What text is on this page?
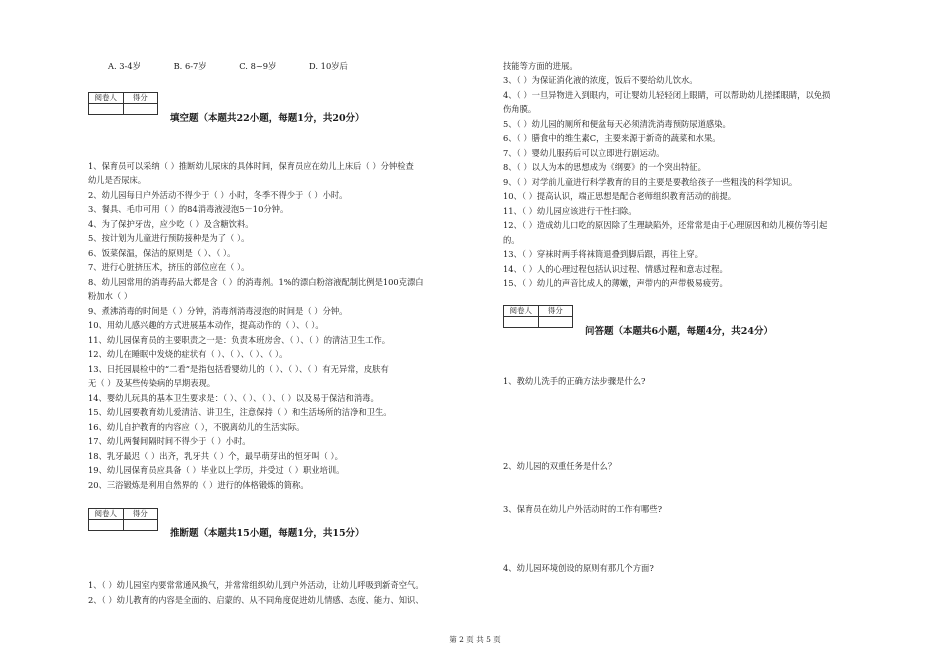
A. 3-4岁	B. 6-7岁	C. 8~9岁	D. 10岁后
阅卷人	得分

填空题（本题共22小题，每题1分，共20分）
1、保育员可以采纳（ ）推断幼儿尿床的具体时间，保育员应在幼儿上床后（ ）分钟检查
幼儿是否尿床。
2、幼儿园每日户外活动不得少于（ ）小时，冬季不得少于（ ）小时。
3、餐具、毛巾可用（ ）的84消毒液浸泡5－10分钟。
4、为了保护牙齿，应少吃（ ）及含糖饮料。
5、按计划为儿童进行预防接种是为了（ ）。
6、饭菜保温，保洁的原则是（ ）、（ ）。
7、进行心脏挤压术，挤压的部位应在（ ）。
8、幼儿园常用的消毒药品大都是含（ ）的消毒剂。1%的漂白粉溶液配制比例是100克漂白
粉加水（ ）
9、煮沸消毒的时间是（ ）分钟，消毒剂消毒浸泡的时间是（ ）分钟。
10、用幼儿感兴趣的方式进展基本动作，提高动作的（ ）、（ ）。
11、幼儿园保育员的主要职责之一是：负责本班房舍、（ ）、（ ）的清洁卫生工作。
12、幼儿在睡眠中发烧的症状有（ ）、（ ）、（ ）、（ ）。
13、日托园晨检中的“二看”是指包括看婴幼儿的（ ）、（ ）、（ ）有无异常，皮肤有
无（ ）及某些传染病的早期表现。
14、婴幼儿玩具的基本卫生要求是：（ ）、（ ）、（ ）、（ ）以及易于保洁和消毒。
15、幼儿园要教育幼儿爱清洁、讲卫生，注意保持（ ）和生活场所的洁净和卫生。
16、幼儿自护教育的内容应（ ），不脱离幼儿的生活实际。
17、幼儿两餐间隔时间不得少于（ ）小时。
18、乳牙最迟（ ）出齐，乳牙共（ ）个，最早萌芽出的恒牙叫（ ）。
19、幼儿园保育员应具备（ ）毕业以上学历，并受过（ ）职业培训。
20、三浴锻炼是利用自然界的（ ）进行的体格锻炼的简称。
阅卷人	得分

推断题（本题共15小题，每题1分，共15分）
1、（ ）幼儿园室内要常常通风换气，并常常组织幼儿到户外活动，让幼儿呼吸到新奇空气。
2、（ ）幼儿教育的内容是全面的、启蒙的、从不同角度促进幼儿情感、态度、能力、知识、
技能等方面的进展。
3、（ ）为保证消化液的浓度，饭后不要给幼儿饮水。
4、（ ）一旦异物进入到眼内，可让婴幼儿轻轻闭上眼睛，可以帮助幼儿搓揉眼睛，以免损
伤角膜。
5、（ ）幼儿园的厕所和便盆每天必须清洗消毒预防尿道感染。
6、（ ）膳食中的维生素C，主要来源于新奇的蔬菜和水果。
7、（ ）婴幼儿服药后可以立即进行剧运动。
8、（ ）以人为本的思想成为《纲要》的一个突出特征。
9、（ ）对学前儿童进行科学教育的目的主要是要教给孩子一些粗浅的科学知识。
10、（ ）提高认识，端正思想是配合老师组织教育活动的前提。
11、（ ）幼儿园应该进行干性扫除。
12、（ ）造成幼儿口吃的原因除了生理缺陷外，还常常是由于心理原因和幼儿模仿等引起
的。
13、（ ）穿袜时两手将袜筒退叠到脚后跟，再往上穿。
14、（ ）人的心理过程包括认识过程、情感过程和意志过程。
15、（ ）幼儿的声音比成人的薄嫩，声带内的声带极易疲劳。
阅卷人	得分

问答题（本题共6小题，每题4分，共24分）
1、教幼儿洗手的正确方法步骤是什么?
2、幼儿园的双重任务是什么？
3、保育员在幼儿户外活动时的工作有哪些?
4、幼儿园环境创设的原则有那几个方面?
第 2 页 共 5 页
